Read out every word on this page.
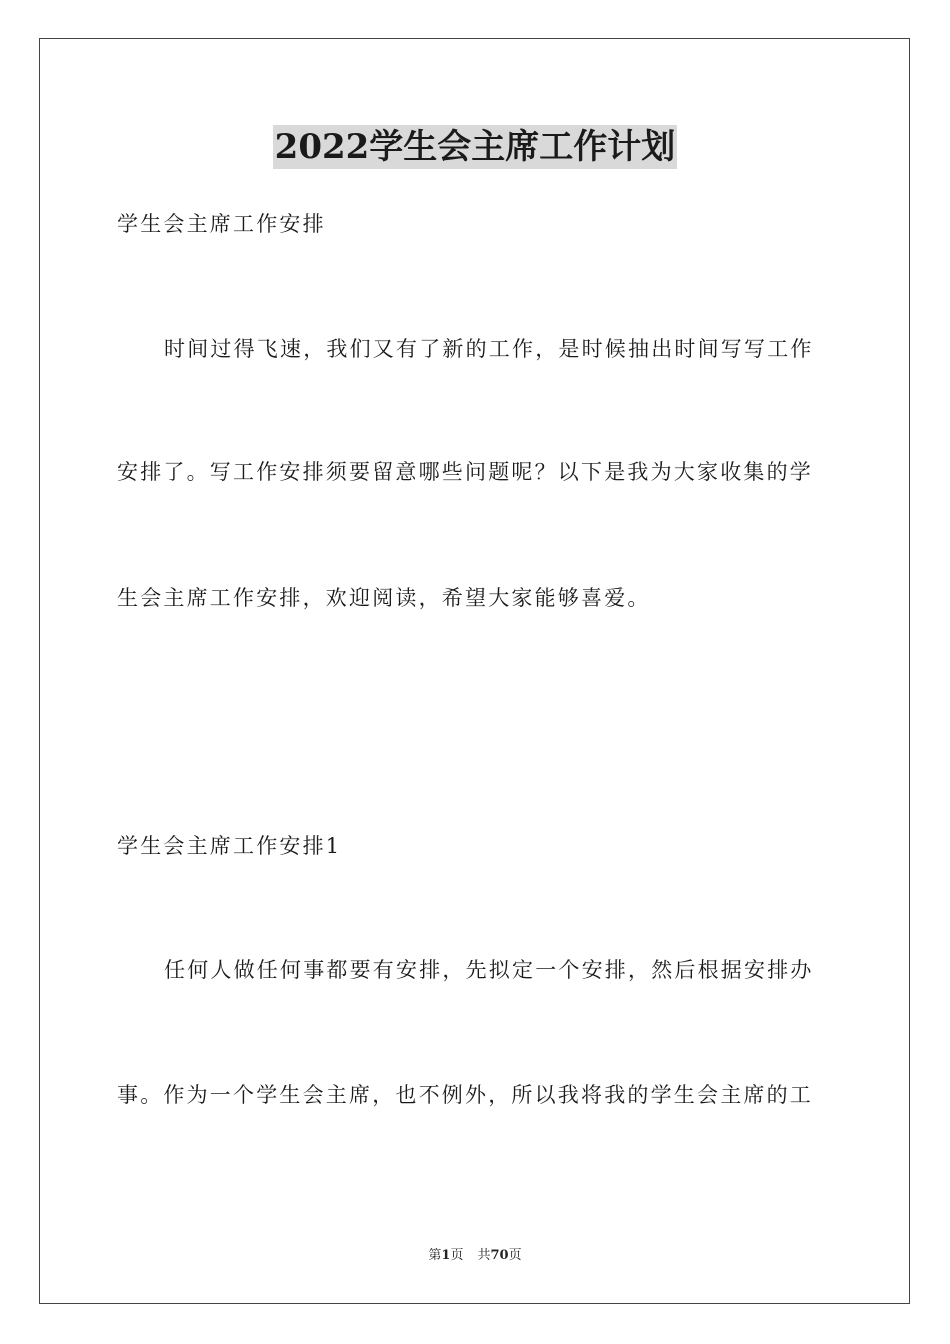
2022学生会主席工作计划
学生会主席工作安排
时间过得飞速，我们又有了新的工作，是时候抽出时间写写工作
安排了。写工作安排须要留意哪些问题呢？以下是我为大家收集的学
生会主席工作安排，欢迎阅读，希望大家能够喜爱。
学生会主席工作安排1
任何人做任何事都要有安排，先拟定一个安排，然后根据安排办
事。作为一个学生会主席，也不例外，所以我将我的学生会主席的工
第1页 共70页
